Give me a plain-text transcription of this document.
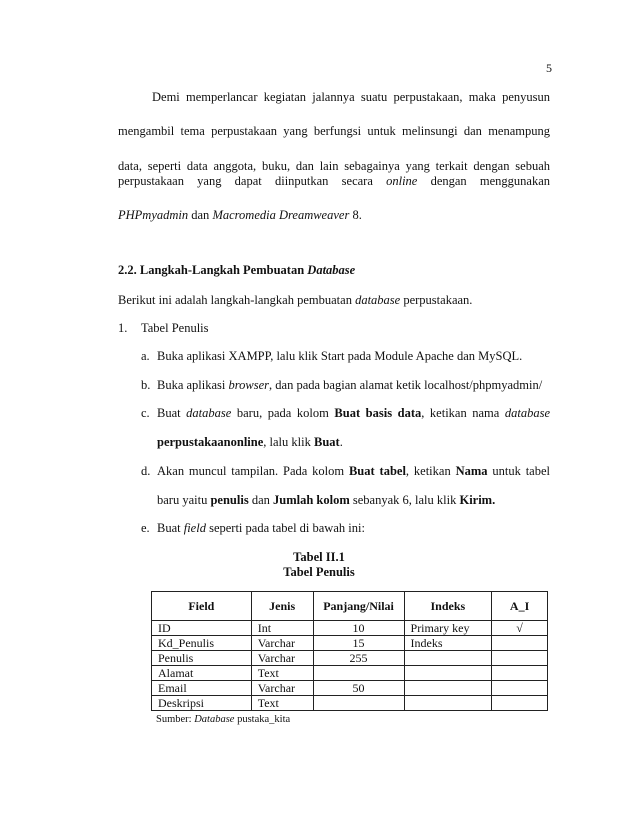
5
Demi memperlancar kegiatan jalannya suatu perpustakaan, maka penyusun
mengambil tema perpustakaan yang berfungsi untuk melinsungi dan menampung
data, seperti data anggota, buku, dan lain sebagainya yang terkait dengan sebuah
perpustakaan yang dapat diinputkan secara online dengan menggunakan
PHPmyadmin dan Macromedia Dreamweaver 8.
2.2. Langkah-Langkah Pembuatan Database
Berikut ini adalah langkah-langkah pembuatan database perpustakaan.
1. Tabel Penulis
a. Buka aplikasi XAMPP, lalu klik Start pada Module Apache dan MySQL.
b. Buka aplikasi browser, dan pada bagian alamat ketik localhost/phpmyadmin/
c. Buat database baru, pada kolom Buat basis data, ketikan nama database
perpustakaanonline, lalu klik Buat.
d. Akan muncul tampilan. Pada kolom Buat tabel, ketikan Nama untuk tabel
baru yaitu penulis dan Jumlah kolom sebanyak 6, lalu klik Kirim.
e. Buat field seperti pada tabel di bawah ini:
Tabel II.1
Tabel Penulis
Field	Jenis	Panjang/Nilai	Indeks	A_I
ID	Int	10	Primary key	√
Kd_Penulis	Varchar	15	Indeks	
Penulis	Varchar	255		
Alamat	Text			
Email	Varchar	50		
Deskripsi	Text			
Sumber: Database pustaka_kita
